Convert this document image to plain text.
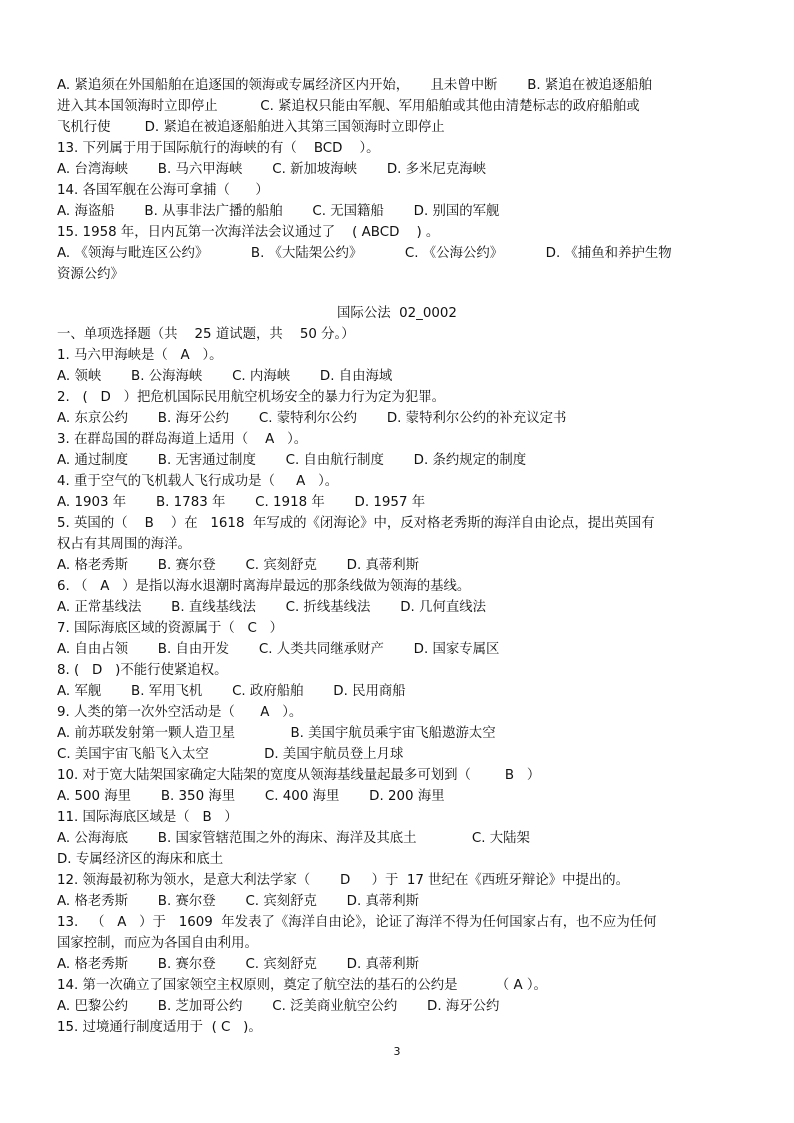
A. 紧追须在外国船舶在追逐国的领海或专属经济区内开始，     且未曾中断       B. 紧追在被追逐船舶
进入其本国领海时立即停止          C. 紧追权只能由军舰、军用船舶或其他由清楚标志的政府船舶或
飞机行使        D. 紧追在被追逐船舶进入其第三国领海时立即停止
13. 下列属于用于国际航行的海峡的有（    BCD    ）。
A. 台湾海峡       B. 马六甲海峡       C. 新加坡海峡       D. 多米尼克海峡
14. 各国军舰在公海可拿捕（      ）
A. 海盗船       B. 从事非法广播的船舶       C. 无国籍船       D. 别国的军舰
15. 1958 年，日内瓦第一次海洋法会议通过了    ( ABCD    ) 。
A. 《领海与毗连区公约》          B. 《大陆架公约》          C. 《公海公约》          D. 《捕鱼和养护生物
资源公约》
国际公法  02_0002
一、单项选择题（共    25 道试题，共    50 分。）
1. 马六甲海峡是（   A   ）。
A. 领峡       B. 公海海峡       C. 内海峡       D. 自由海域
2.   (   D   ）把危机国际民用航空机场安全的暴力行为定为犯罪。
A. 东京公约       B. 海牙公约       C. 蒙特利尔公约       D. 蒙特利尔公约的补充议定书
3. 在群岛国的群岛海道上适用（    A   ）。
A. 通过制度       B. 无害通过制度       C. 自由航行制度       D. 条约规定的制度
4. 重于空气的飞机载人飞行成功是（     A   ）。
A. 1903 年       B. 1783 年       C. 1918 年       D. 1957 年
5. 英国的（    B    ）在   1618  年写成的《闭海论》中，反对格老秀斯的海洋自由论点，提出英国有
权占有其周围的海洋。
A. 格老秀斯       B. 赛尔登       C. 宾刻舒克       D. 真蒂利斯
6. （   A   ）是指以海水退潮时离海岸最远的那条线做为领海的基线。
A. 正常基线法       B. 直线基线法       C. 折线基线法       D. 几何直线法
7. 国际海底区域的资源属于（   C   ）
A. 自由占领       B. 自由开发       C. 人类共同继承财产       D. 国家专属区
8. (   D   )不能行使紧追权。
A. 军舰       B. 军用飞机       C. 政府船舶       D. 民用商船
9. 人类的第一次外空活动是（      A   ）。
A. 前苏联发射第一颗人造卫星             B. 美国宇航员乘宇宙飞船遨游太空
C. 美国宇宙飞船飞入太空             D. 美国宇航员登上月球
10. 对于宽大陆架国家确定大陆架的宽度从领海基线量起最多可划到（        B   ）
A. 500 海里       B. 350 海里       C. 400 海里       D. 200 海里
11. 国际海底区域是（   B   ）
A. 公海海底       B. 国家管辖范围之外的海床、海洋及其底土             C. 大陆架
D. 专属经济区的海床和底土
12. 领海最初称为领水，是意大利法学家（       D     ）于  17 世纪在《西班牙辩论》中提出的。
A. 格老秀斯       B. 赛尔登       C. 宾刻舒克       D. 真蒂利斯
13.   （   A   ）于   1609  年发表了《海洋自由论》，论证了海洋不得为任何国家占有，也不应为任何
国家控制，而应为各国自由利用。
A. 格老秀斯       B. 赛尔登       C. 宾刻舒克       D. 真蒂利斯
14. 第一次确立了国家领空主权原则，奠定了航空法的基石的公约是         （ A ）。
A. 巴黎公约       B. 芝加哥公约       C. 泛美商业航空公约       D. 海牙公约
15. 过境通行制度适用于  ( C   )。
3
